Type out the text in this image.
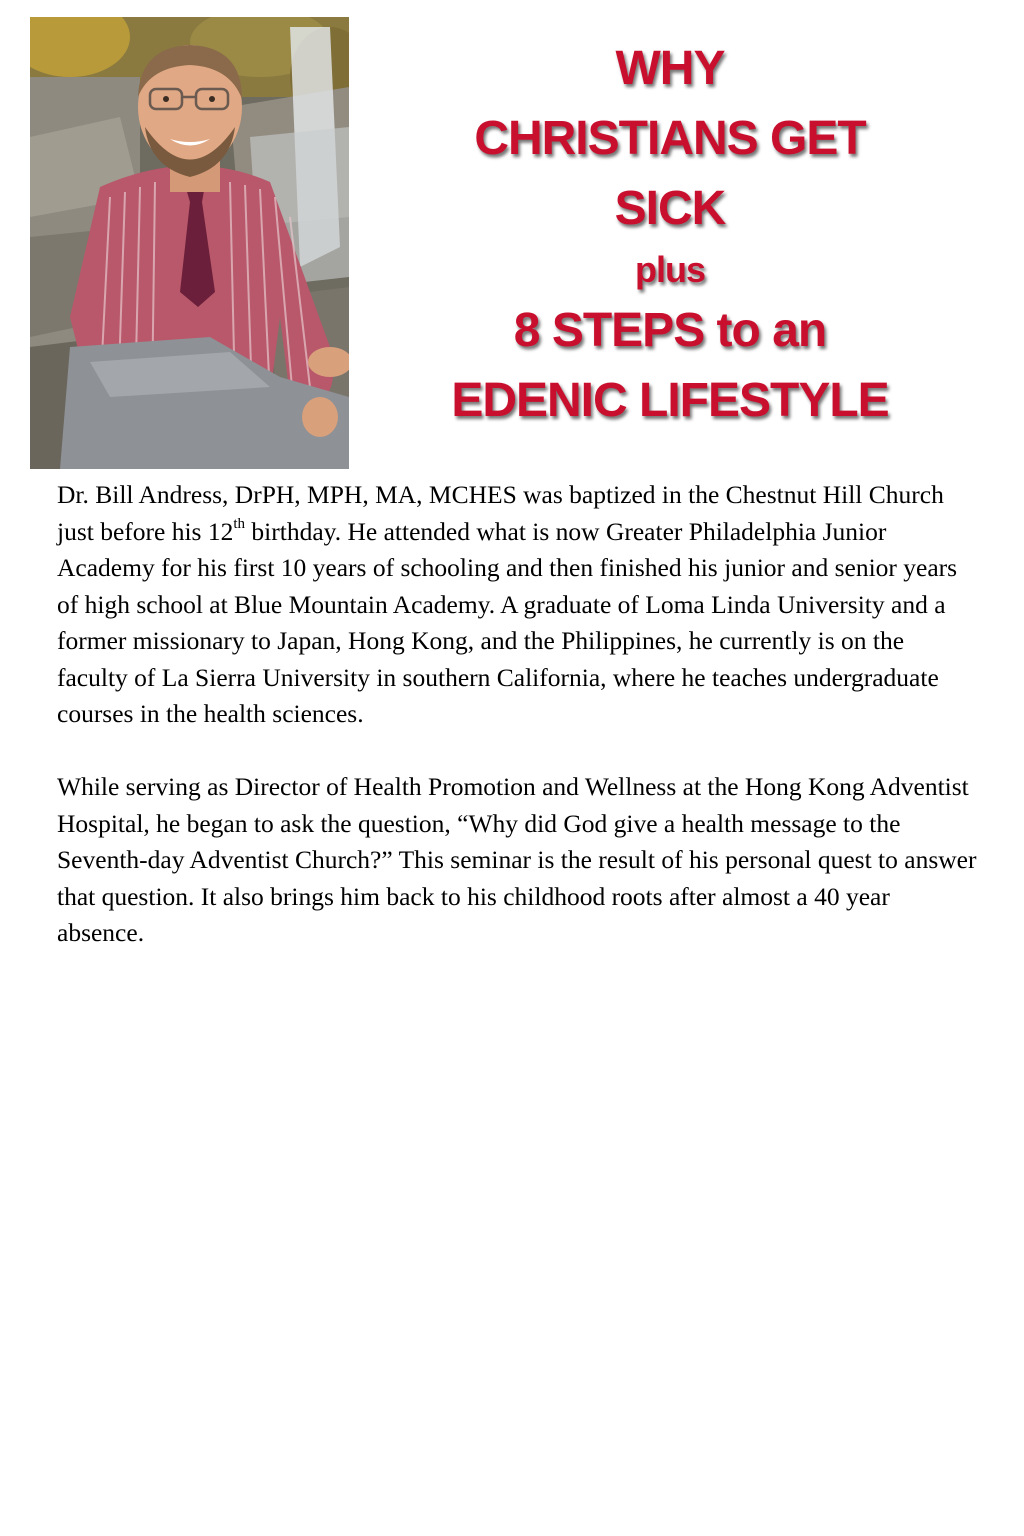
WHY
CHRISTIANS GET
SICK
plus
8 STEPS to an
EDENIC LIFESTYLE

Dr. Bill Andress, DrPH, MPH, MA, MCHES was baptized in the Chestnut Hill Church just before his 12th birthday. He attended what is now Greater Philadelphia Junior Academy for his first 10 years of schooling and then finished his junior and senior years of high school at Blue Mountain Academy. A graduate of Loma Linda University and a former missionary to Japan, Hong Kong, and the Philippines, he currently is on the faculty of La Sierra University in southern California, where he teaches undergraduate courses in the health sciences.

While serving as Director of Health Promotion and Wellness at the Hong Kong Adventist Hospital, he began to ask the question, “Why did God give a health message to the Seventh-day Adventist Church?” This seminar is the result of his personal quest to answer that question. It also brings him back to his childhood roots after almost a 40 year absence.
